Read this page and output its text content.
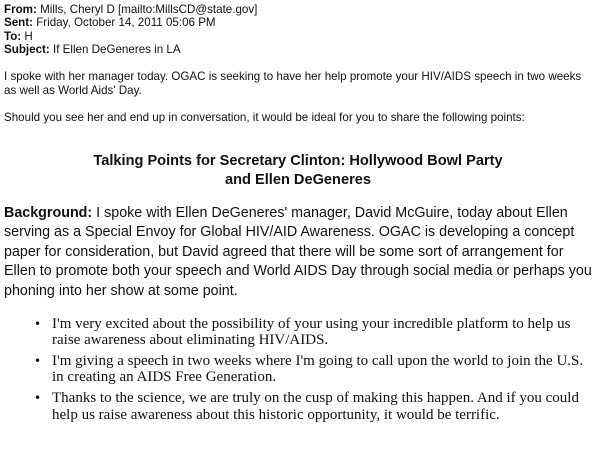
From: Mills, Cheryl D [mailto:MillsCD@state.gov]
Sent: Friday, October 14, 2011 05:06 PM
To: H
Subject: If Ellen DeGeneres in LA

I spoke with her manager today. OGAC is seeking to have her help promote your HIV/AIDS speech in two weeks as well as World Aids' Day.

Should you see her and end up in conversation, it would be ideal for you to share the following points:

Talking Points for Secretary Clinton: Hollywood Bowl Party
and Ellen DeGeneres

Background: I spoke with Ellen DeGeneres' manager, David McGuire, today about Ellen serving as a Special Envoy for Global HIV/AID Awareness. OGAC is developing a concept paper for consideration, but David agreed that there will be some sort of arrangement for Ellen to promote both your speech and World AIDS Day through social media or perhaps you phoning into her show at some point.

• I'm very excited about the possibility of your using your incredible platform to help us raise awareness about eliminating HIV/AIDS.
• I'm giving a speech in two weeks where I'm going to call upon the world to join the U.S. in creating an AIDS Free Generation.
• Thanks to the science, we are truly on the cusp of making this happen. And if you could help us raise awareness about this historic opportunity, it would be terrific.
